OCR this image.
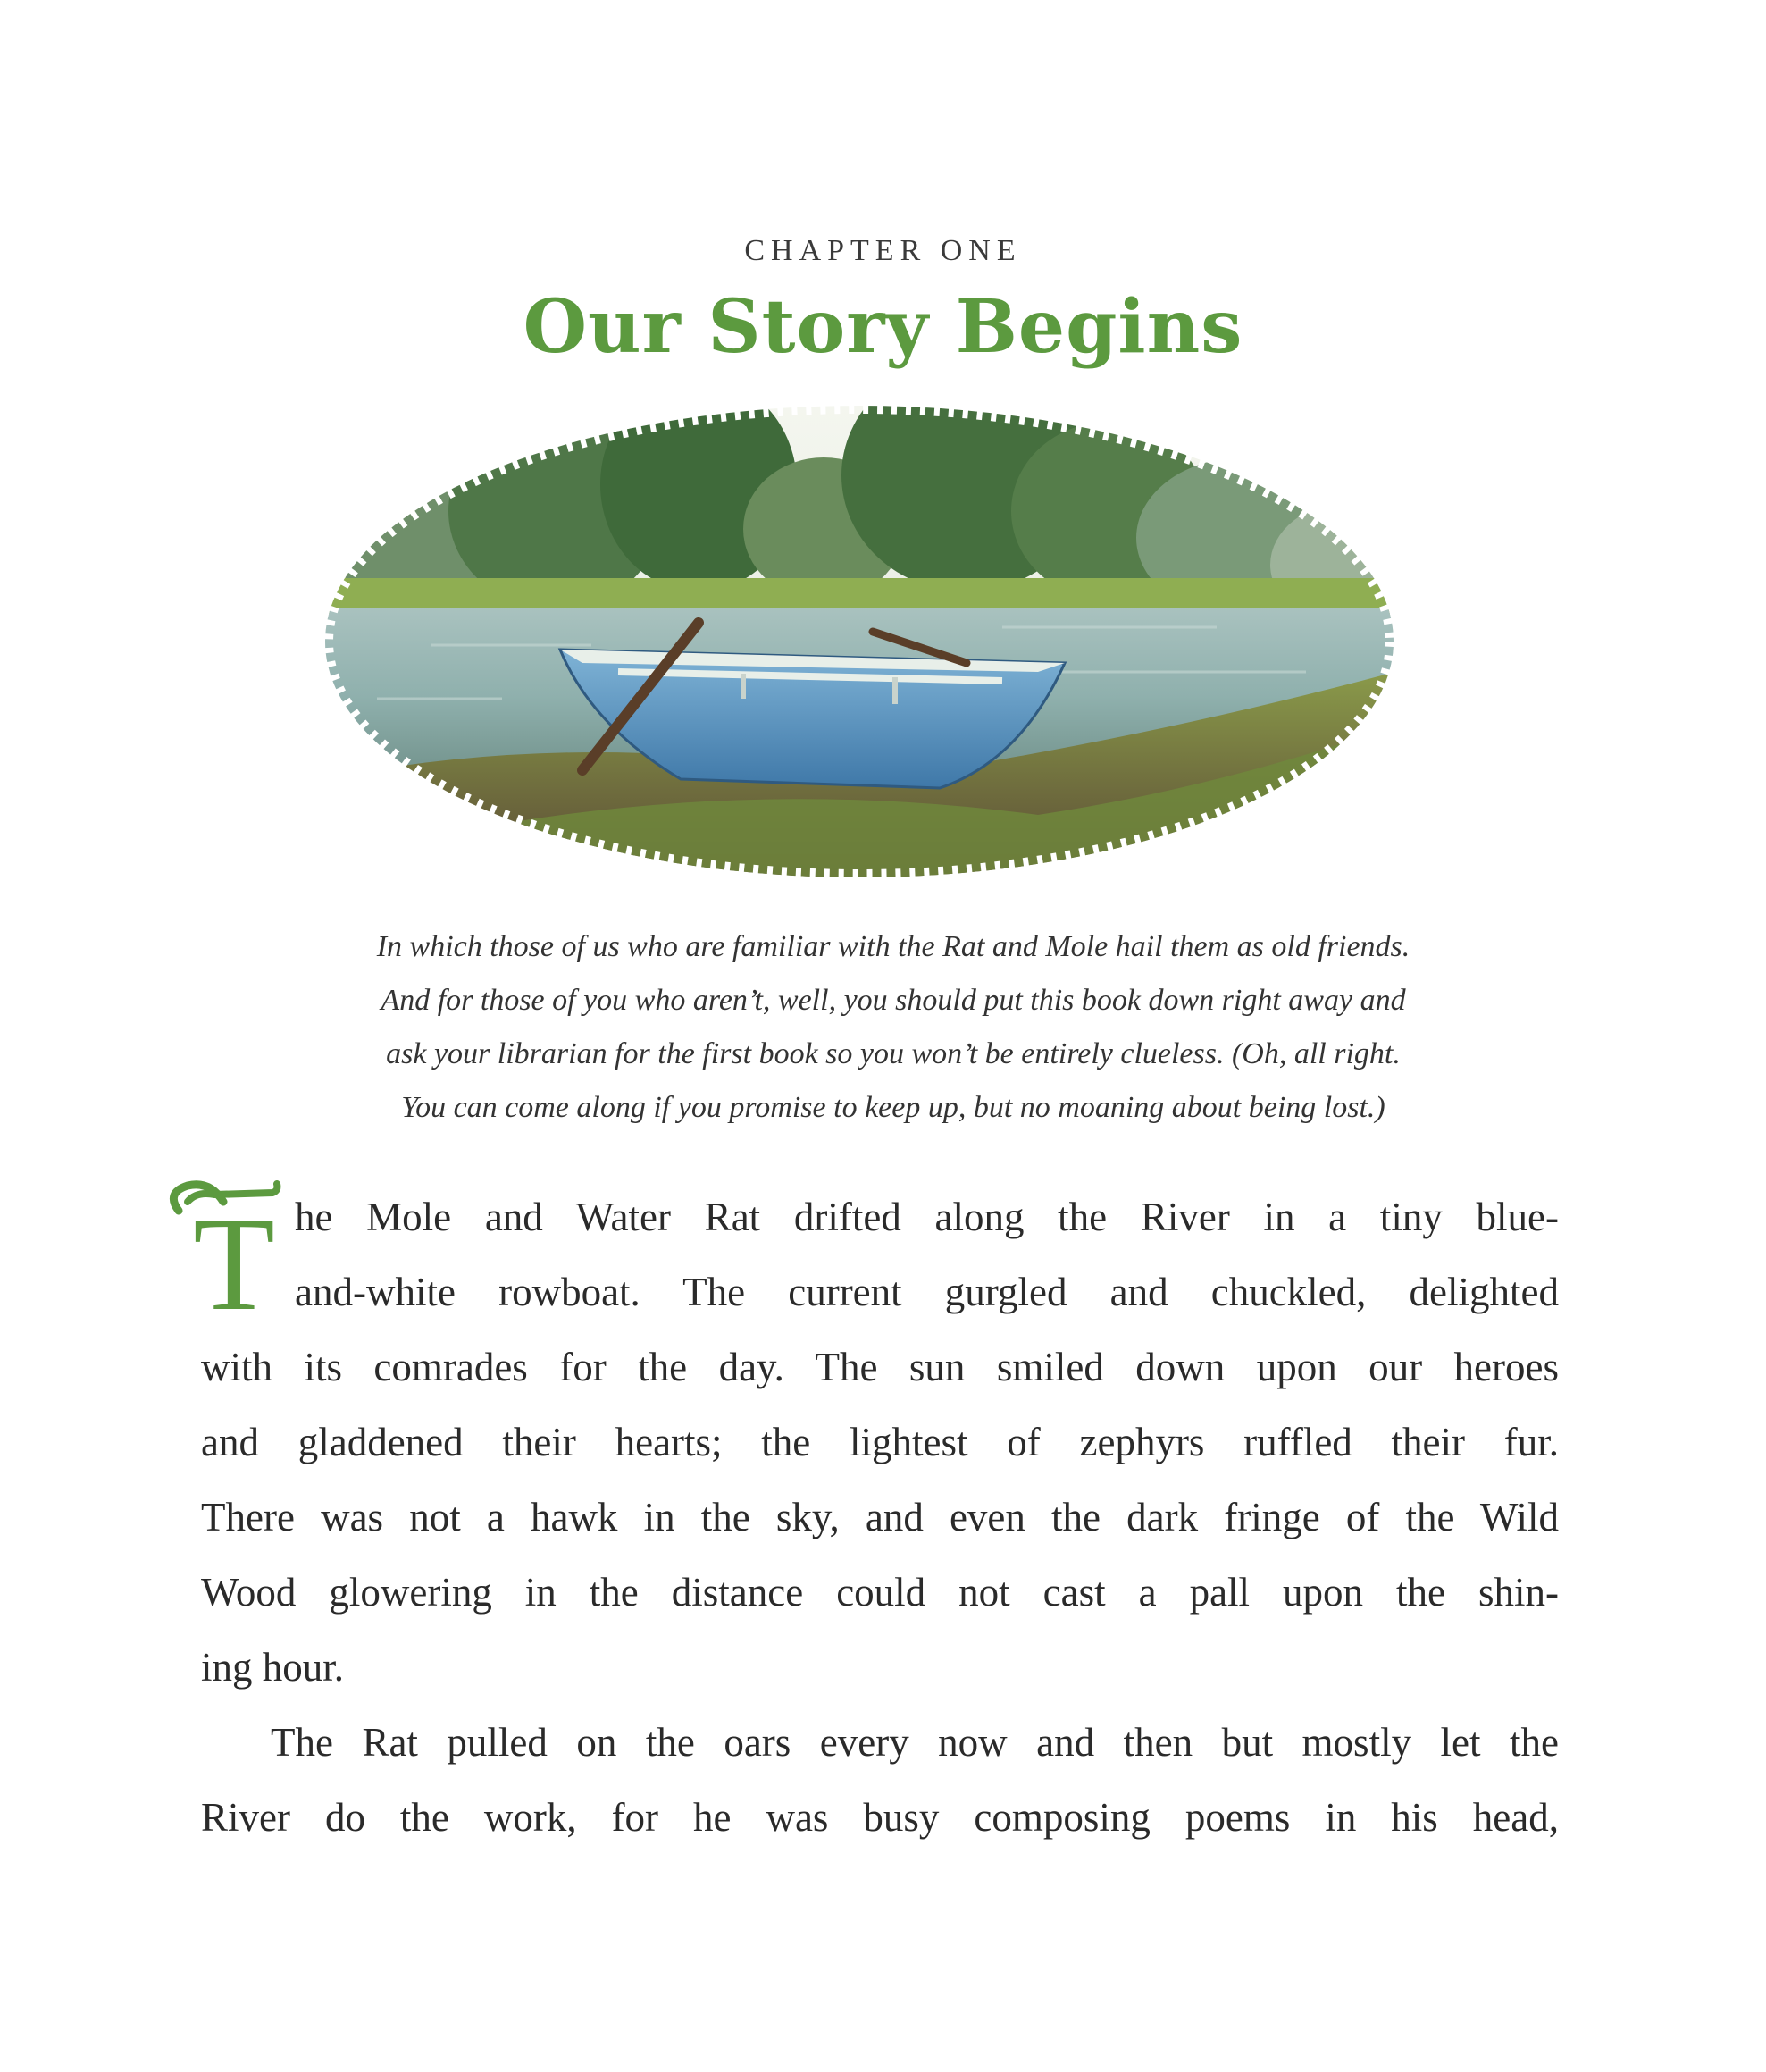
CHAPTER ONE
Our Story Begins
In which those of us who are familiar with the Rat and Mole hail them as old friends.
And for those of you who aren’t, well, you should put this book down right away and
ask your librarian for the first book so you won’t be entirely clueless. (Oh, all right.
You can come along if you promise to keep up, but no moaning about being lost.)
T he Mole and Water Rat drifted along the River in a tiny blue-
and-white rowboat. The current gurgled and chuckled, delighted
with its comrades for the day. The sun smiled down upon our heroes
and gladdened their hearts; the lightest of zephyrs ruffled their fur.
There was not a hawk in the sky, and even the dark fringe of the Wild
Wood glowering in the distance could not cast a pall upon the shin-
ing hour.
The Rat pulled on the oars every now and then but mostly let the
River do the work, for he was busy composing poems in his head,
